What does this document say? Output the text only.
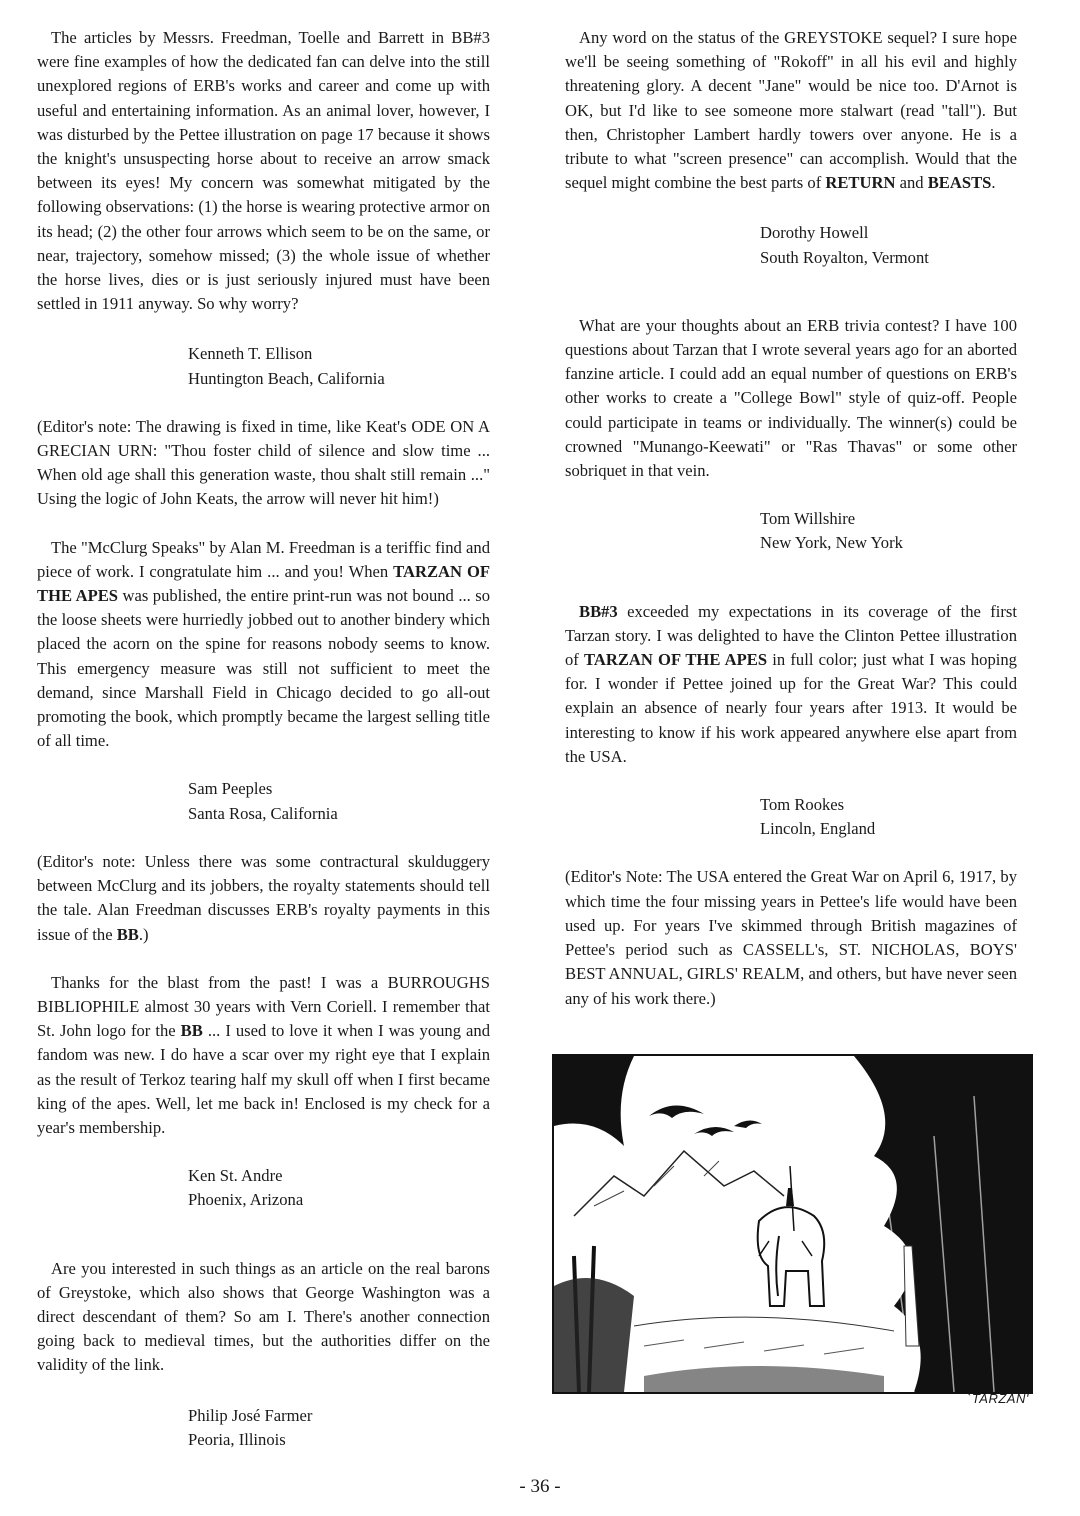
The articles by Messrs. Freedman, Toelle and Barrett in BB#3 were fine examples of how the dedicated fan can delve into the still unexplored regions of ERB's works and career and come up with useful and entertaining information. As an animal lover, however, I was disturbed by the Pettee illustration on page 17 because it shows the knight's unsuspecting horse about to receive an arrow smack between its eyes! My concern was somewhat mitigated by the following observations: (1) the horse is wearing protective armor on its head; (2) the other four arrows which seem to be on the same, or near, trajectory, somehow missed; (3) the whole issue of whether the horse lives, dies or is just seriously injured must have been settled in 1911 anyway. So why worry?

Kenneth T. Ellison

Huntington Beach, California

(Editor's note: The drawing is fixed in time, like Keat's ODE ON A GRECIAN URN: "Thou foster child of silence and slow time ... When old age shall this generation waste, thou shalt still remain ..." Using the logic of John Keats, the arrow will never hit him!)

The "McClurg Speaks" by Alan M. Freedman is a teriffic find and piece of work. I congratulate him ... and you! When TARZAN OF THE APES was published, the entire print-run was not bound ... so the loose sheets were hurriedly jobbed out to another bindery which placed the acorn on the spine for reasons nobody seems to know. This emergency measure was still not sufficient to meet the demand, since Marshall Field in Chicago decided to go all-out promoting the book, which promptly became the largest selling title of all time.

Sam Peeples

Santa Rosa, California

(Editor's note: Unless there was some contractural skulduggery between McClurg and its jobbers, the royalty statements should tell the tale. Alan Freedman discusses ERB's royalty payments in this issue of the BB.)

Thanks for the blast from the past! I was a BURROUGHS BIBLIOPHILE almost 30 years with Vern Coriell. I remember that St. John logo for the BB ... I used to love it when I was young and fandom was new. I do have a scar over my right eye that I explain as the result of Terkoz tearing half my skull off when I first became king of the apes. Well, let me back in! Enclosed is my check for a year's membership.

Ken St. Andre

Phoenix, Arizona

Are you interested in such things as an article on the real barons of Greystoke, which also shows that George Washington was a direct descendant of them? So am I. There's another connection going back to medieval times, but the authorities differ on the validity of the link.

Philip José Farmer

Peoria, Illinois

Any word on the status of the GREYSTOKE sequel? I sure hope we'll be seeing something of "Rokoff" in all his evil and highly threatening glory. A decent "Jane" would be nice too. D'Arnot is OK, but I'd like to see someone more stalwart (read "tall"). But then, Christopher Lambert hardly towers over anyone. He is a tribute to what "screen presence" can accomplish. Would that the sequel might combine the best parts of RETURN and BEASTS.

Dorothy Howell

South Royalton, Vermont

What are your thoughts about an ERB trivia contest? I have 100 questions about Tarzan that I wrote several years ago for an aborted fanzine article. I could add an equal number of questions on ERB's other works to create a "College Bowl" style of quiz-off. People could participate in teams or individually. The winner(s) could be crowned "Munango-Keewati" or "Ras Thavas" or some other sobriquet in that vein.

Tom Willshire

New York, New York

BB#3 exceeded my expectations in its coverage of the first Tarzan story. I was delighted to have the Clinton Pettee illustration of TARZAN OF THE APES in full color; just what I was hoping for. I wonder if Pettee joined up for the Great War? This could explain an absence of nearly four years after 1913. It would be interesting to know if his work appeared anywhere else apart from the USA.

Tom Rookes

Lincoln, England

(Editor's Note: The USA entered the Great War on April 6, 1917, by which time the four missing years in Pettee's life would have been used up. For years I've skimmed through British magazines of Pettee's period such as CASSELL's, ST. NICHOLAS, BOYS' BEST ANNUAL, GIRLS' REALM, and others, but have never seen any of his work there.)

`TARZAN'
- 36 -
